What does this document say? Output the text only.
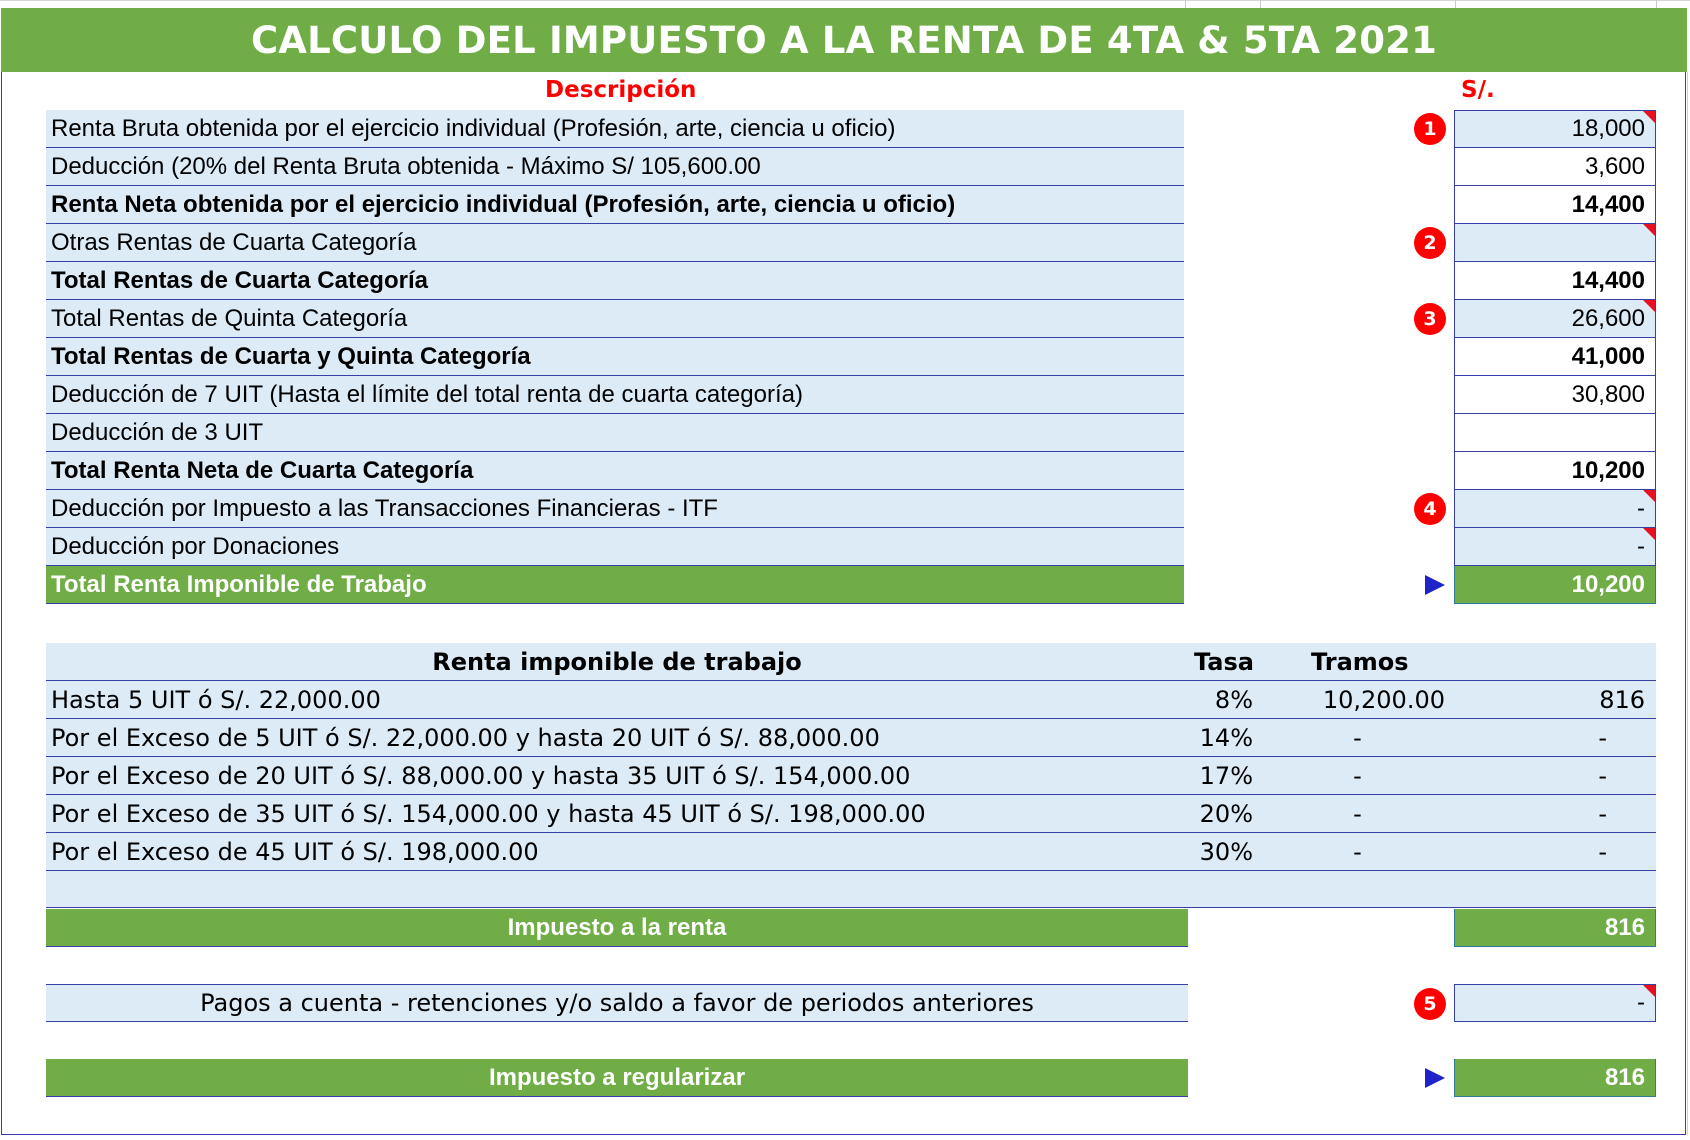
CALCULO DEL IMPUESTO A LA RENTA DE 4TA & 5TA 2021
Descripción	S/.
Renta Bruta obtenida por el ejercicio individual (Profesión, arte, ciencia u oficio)	1	18,000
Deducción (20% del Renta Bruta obtenida - Máximo S/ 105,600.00	3,600
Renta Neta obtenida por el ejercicio individual (Profesión, arte, ciencia u oficio)	14,400
Otras Rentas de Cuarta Categoría	2
Total Rentas de Cuarta Categoría	14,400
Total Rentas de Quinta Categoría	3	26,600
Total Rentas de Cuarta y Quinta Categoría	41,000
Deducción de 7 UIT (Hasta el límite del total renta de cuarta categoría)	30,800
Deducción de 3 UIT
Total Renta Neta de Cuarta Categoría	10,200
Deducción por Impuesto a las Transacciones Financieras - ITF	4	-
Deducción por Donaciones	-
Total Renta Imponible de Trabajo	10,200
Renta imponible de trabajo	Tasa Tramos
Hasta 5 UIT ó S/. 22,000.00	8%	10,200.00	816
Por el Exceso de 5 UIT ó S/. 22,000.00 y hasta 20 UIT ó S/. 88,000.00	14%	-	-
Por el Exceso de 20 UIT ó S/. 88,000.00 y hasta 35 UIT ó S/. 154,000.00	17%	-	-
Por el Exceso de 35 UIT ó S/. 154,000.00 y hasta 45 UIT ó S/. 198,000.00	20%	-	-
Por el Exceso de 45 UIT ó S/. 198,000.00	30%	-	-
Impuesto a la renta	816
Pagos a cuenta - retenciones y/o saldo a favor de periodos anteriores	5	-
Impuesto a regularizar	816
